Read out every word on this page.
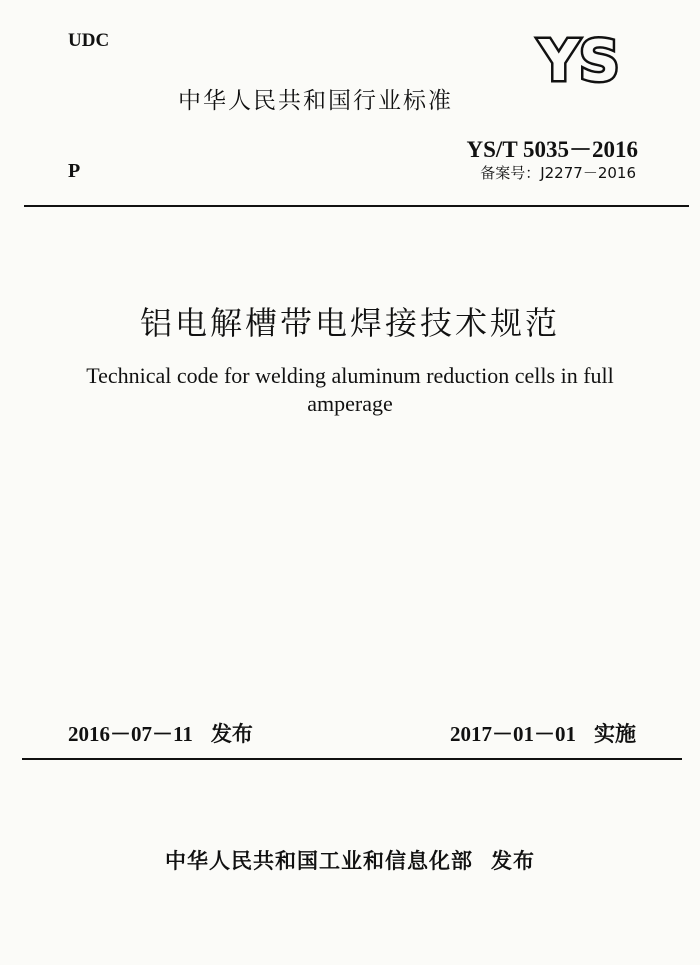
UDC
中华人民共和国行业标准
YS
YS/T 5035－2016
备案号：J2277－2016
P
铝电解槽带电焊接技术规范
Technical code for welding aluminum reduction cells in full amperage
2016－07－11 发布	2017－01－01 实施
中华人民共和国工业和信息化部 发布
